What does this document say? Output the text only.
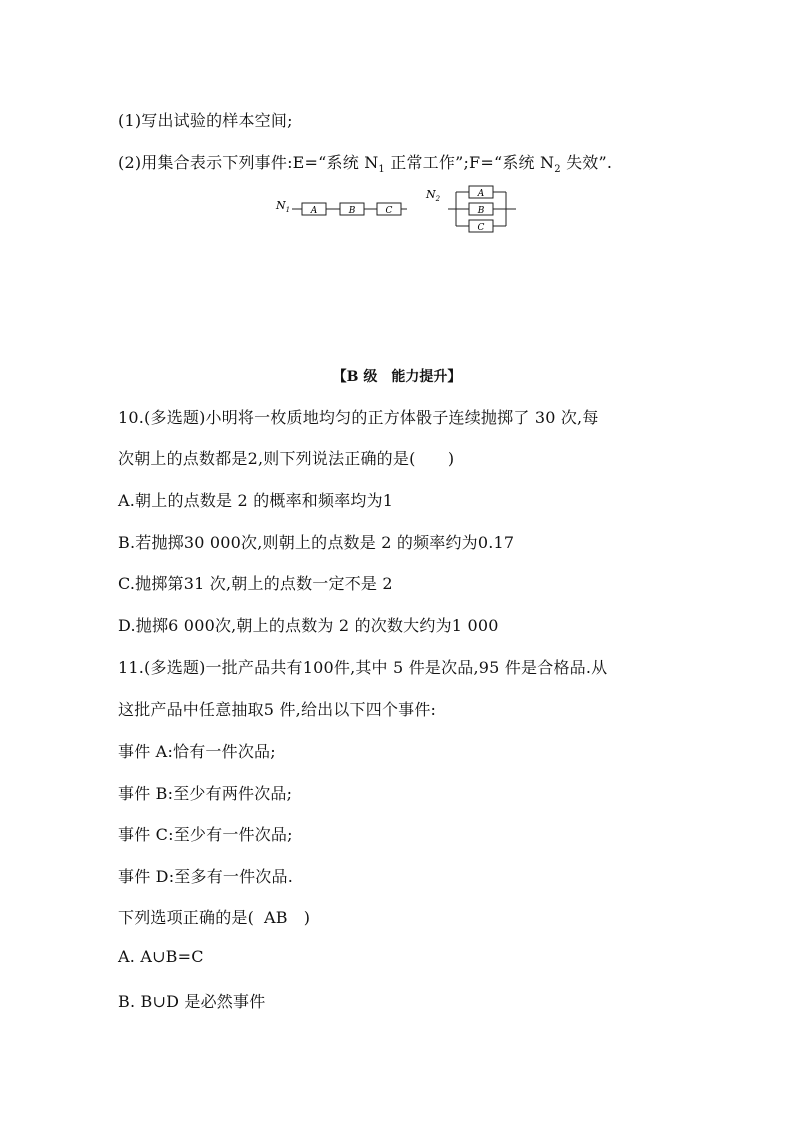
(1)写出试验的样本空间;
(2)用集合表示下列事件:E=“系统 $N_1$ 正常工作”;F=“系统 $N_2$ 失效”.
$N_1$ A	B	C
$N_2$	A
B
C
【B 级　能力提升】
10.(多选题)小明将一枚质地均匀的正方体骰子连续抛掷了 30 次,每
次朝上的点数都是2,则下列说法正确的是(　　)
A.朝上的点数是 2 的概率和频率均为1
B.若抛掷30 000次,则朝上的点数是 2 的频率约为0.17
C.抛掷第31 次,朝上的点数一定不是 2
D.抛掷6 000次,朝上的点数为 2 的次数大约为1 000
11.(多选题)一批产品共有100件,其中 5 件是次品,95 件是合格品.从
这批产品中任意抽取5 件,给出以下四个事件:
事件 A:恰有一件次品;
事件 B:至少有两件次品;
事件 C:至少有一件次品;
事件 D:至多有一件次品.
下列选项正确的是( AB )
A. A∪B=C
B. B∪D 是必然事件
